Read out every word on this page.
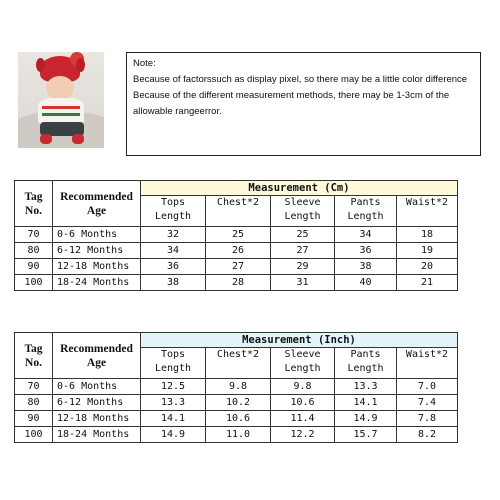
Note:

Because of factorssuch as display pixel, so there may be a little color difference

Because of the different measurement methods, there may be 1-3cm of the allowable rangeerror.

Tag No.	Recommended Age	Measurement (Cm)				
		Tops Length	Chest*2	Sleeve Length	Pants Length	Waist*2
70	0-6 Months	32	25	25	34	18
80	6-12 Months	34	26	27	36	19
90	12-18 Months	36	27	29	38	20
100	18-24 Months	38	28	31	40	21
Tag No.	Recommended Age	Measurement (Inch)				
		Tops Length	Chest*2	Sleeve Length	Pants Length	Waist*2
70	0-6 Months	12.5	9.8	9.8	13.3	7.0
80	6-12 Months	13.3	10.2	10.6	14.1	7.4
90	12-18 Months	14.1	10.6	11.4	14.9	7.8
100	18-24 Months	14.9	11.0	12.2	15.7	8.2
